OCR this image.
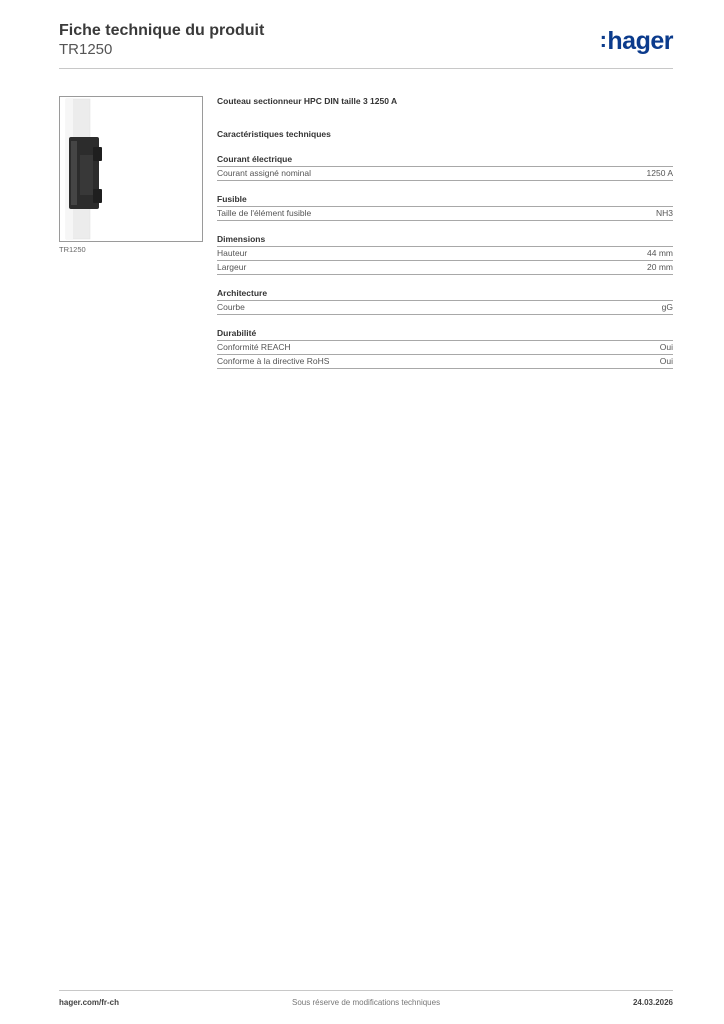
Fiche technique du produit
TR1250	:hager
TR1250
Couteau sectionneur HPC DIN taille 3 1250 A
Caractéristiques techniques
Courant électrique
Courant assigné nominal	1250 A
Fusible
Taille de l'élément fusible	NH3
Dimensions
Hauteur	44 mm
Largeur	20 mm
Architecture
Courbe	gG
Durabilité
Conformité REACH	Oui
Conforme à la directive RoHS	Oui
hager.com/fr-ch	Sous réserve de modifications techniques	24.03.2026
